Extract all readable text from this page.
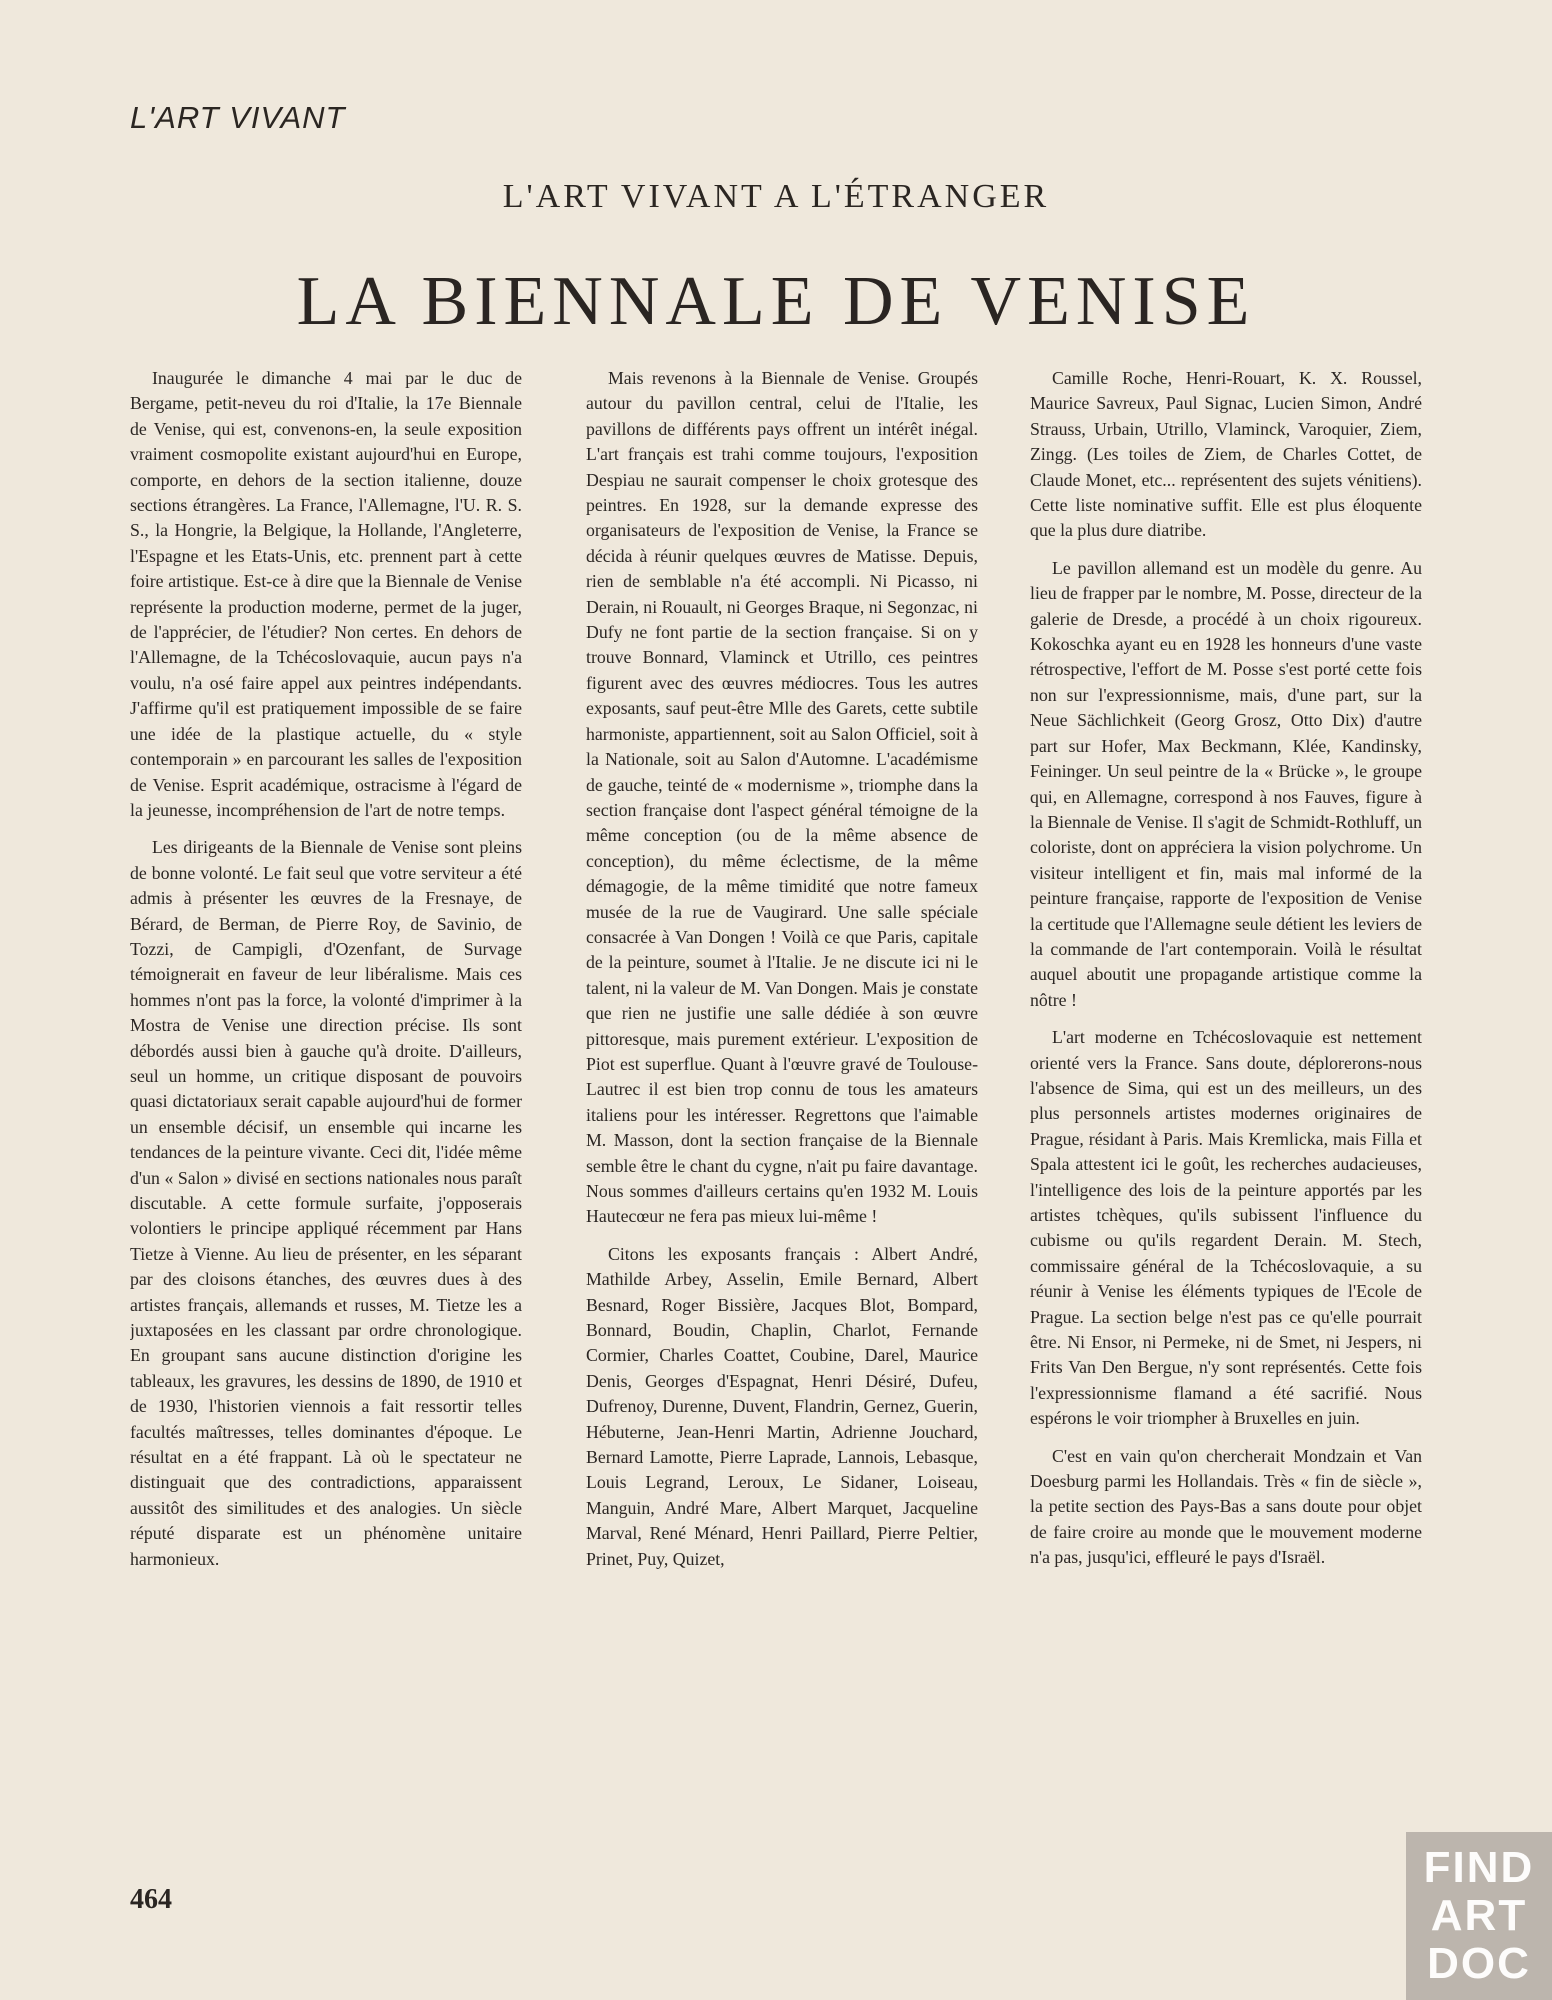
L'ART VIVANT
L'ART VIVANT A L'ÉTRANGER
LA BIENNALE DE VENISE

Inaugurée le dimanche 4 mai par le duc de Bergame, petit-neveu du roi d'Italie, la 17e Biennale de Venise, qui est, convenons-en, la seule exposition vraiment cosmopolite existant aujourd'hui en Europe, comporte, en dehors de la section italienne, douze sections étrangères. La France, l'Allemagne, l'U. R. S. S., la Hongrie, la Belgique, la Hollande, l'Angleterre, l'Espagne et les Etats-Unis, etc. prennent part à cette foire artistique. Est-ce à dire que la Biennale de Venise représente la production moderne, permet de la juger, de l'apprécier, de l'étudier? Non certes. En dehors de l'Allemagne, de la Tchécoslovaquie, aucun pays n'a voulu, n'a osé faire appel aux peintres indépendants. J'affirme qu'il est pratiquement impossible de se faire une idée de la plastique actuelle, du « style contemporain » en parcourant les salles de l'exposition de Venise. Esprit académique, ostracisme à l'égard de la jeunesse, incompréhension de l'art de notre temps.

Les dirigeants de la Biennale de Venise sont pleins de bonne volonté. Le fait seul que votre serviteur a été admis à présenter les œuvres de la Fresnaye, de Bérard, de Berman, de Pierre Roy, de Savinio, de Tozzi, de Campigli, d'Ozenfant, de Survage témoignerait en faveur de leur libéralisme. Mais ces hommes n'ont pas la force, la volonté d'imprimer à la Mostra de Venise une direction précise. Ils sont débordés aussi bien à gauche qu'à droite. D'ailleurs, seul un homme, un critique disposant de pouvoirs quasi dictatoriaux serait capable aujourd'hui de former un ensemble décisif, un ensemble qui incarne les tendances de la peinture vivante. Ceci dit, l'idée même d'un « Salon » divisé en sections nationales nous paraît discutable. A cette formule surfaite, j'opposerais volontiers le principe appliqué récemment par Hans Tietze à Vienne. Au lieu de présenter, en les séparant par des cloisons étanches, des œuvres dues à des artistes français, allemands et russes, M. Tietze les a juxtaposées en les classant par ordre chronologique. En groupant sans aucune distinction d'origine les tableaux, les gravures, les dessins de 1890, de 1910 et de 1930, l'historien viennois a fait ressortir telles facultés maîtresses, telles dominantes d'époque. Le résultat en a été frappant. Là où le spectateur ne distinguait que des contradictions, apparaissent aussitôt des similitudes et des analogies. Un siècle réputé disparate est un phénomène unitaire harmonieux.

Mais revenons à la Biennale de Venise. Groupés autour du pavillon central, celui de l'Italie, les pavillons de différents pays offrent un intérêt inégal. L'art français est trahi comme toujours, l'exposition Despiau ne saurait compenser le choix grotesque des peintres. En 1928, sur la demande expresse des organisateurs de l'exposition de Venise, la France se décida à réunir quelques œuvres de Matisse. Depuis, rien de semblable n'a été accompli. Ni Picasso, ni Derain, ni Rouault, ni Georges Braque, ni Segonzac, ni Dufy ne font partie de la section française. Si on y trouve Bonnard, Vlaminck et Utrillo, ces peintres figurent avec des œuvres médiocres. Tous les autres exposants, sauf peut-être Mlle des Garets, cette subtile harmoniste, appartiennent, soit au Salon Officiel, soit à la Nationale, soit au Salon d'Automne. L'académisme de gauche, teinté de « modernisme », triomphe dans la section française dont l'aspect général témoigne de la même conception (ou de la même absence de conception), du même éclectisme, de la même démagogie, de la même timidité que notre fameux musée de la rue de Vaugirard. Une salle spéciale consacrée à Van Dongen ! Voilà ce que Paris, capitale de la peinture, soumet à l'Italie. Je ne discute ici ni le talent, ni la valeur de M. Van Dongen. Mais je constate que rien ne justifie une salle dédiée à son œuvre pittoresque, mais purement extérieur. L'exposition de Piot est superflue. Quant à l'œuvre gravé de Toulouse-Lautrec il est bien trop connu de tous les amateurs italiens pour les intéresser. Regrettons que l'aimable M. Masson, dont la section française de la Biennale semble être le chant du cygne, n'ait pu faire davantage. Nous sommes d'ailleurs certains qu'en 1932 M. Louis Hautecœur ne fera pas mieux lui-même !

Citons les exposants français : Albert André, Mathilde Arbey, Asselin, Emile Bernard, Albert Besnard, Roger Bissière, Jacques Blot, Bompard, Bonnard, Boudin, Chaplin, Charlot, Fernande Cormier, Charles Coattet, Coubine, Darel, Maurice Denis, Georges d'Espagnat, Henri Désiré, Dufeu, Dufrenoy, Durenne, Duvent, Flandrin, Gernez, Guerin, Hébuterne, Jean-Henri Martin, Adrienne Jouchard, Bernard Lamotte, Pierre Laprade, Lannois, Lebasque, Louis Legrand, Leroux, Le Sidaner, Loiseau, Manguin, André Mare, Albert Marquet, Jacqueline Marval, René Ménard, Henri Paillard, Pierre Peltier, Prinet, Puy, Quizet,

Camille Roche, Henri-Rouart, K. X. Roussel, Maurice Savreux, Paul Signac, Lucien Simon, André Strauss, Urbain, Utrillo, Vlaminck, Varoquier, Ziem, Zingg. (Les toiles de Ziem, de Charles Cottet, de Claude Monet, etc... représentent des sujets vénitiens). Cette liste nominative suffit. Elle est plus éloquente que la plus dure diatribe.

Le pavillon allemand est un modèle du genre. Au lieu de frapper par le nombre, M. Posse, directeur de la galerie de Dresde, a procédé à un choix rigoureux. Kokoschka ayant eu en 1928 les honneurs d'une vaste rétrospective, l'effort de M. Posse s'est porté cette fois non sur l'expressionnisme, mais, d'une part, sur la Neue Sächlichkeit (Georg Grosz, Otto Dix) d'autre part sur Hofer, Max Beckmann, Klée, Kandinsky, Feininger. Un seul peintre de la « Brücke », le groupe qui, en Allemagne, correspond à nos Fauves, figure à la Biennale de Venise. Il s'agit de Schmidt-Rothluff, un coloriste, dont on appréciera la vision polychrome. Un visiteur intelligent et fin, mais mal informé de la peinture française, rapporte de l'exposition de Venise la certitude que l'Allemagne seule détient les leviers de la commande de l'art contemporain. Voilà le résultat auquel aboutit une propagande artistique comme la nôtre !

L'art moderne en Tchécoslovaquie est nettement orienté vers la France. Sans doute, déplorerons-nous l'absence de Sima, qui est un des meilleurs, un des plus personnels artistes modernes originaires de Prague, résidant à Paris. Mais Kremlicka, mais Filla et Spala attestent ici le goût, les recherches audacieuses, l'intelligence des lois de la peinture apportés par les artistes tchèques, qu'ils subissent l'influence du cubisme ou qu'ils regardent Derain. M. Stech, commissaire général de la Tchécoslovaquie, a su réunir à Venise les éléments typiques de l'Ecole de Prague. La section belge n'est pas ce qu'elle pourrait être. Ni Ensor, ni Permeke, ni de Smet, ni Jespers, ni Frits Van Den Bergue, n'y sont représentés. Cette fois l'expressionnisme flamand a été sacrifié. Nous espérons le voir triompher à Bruxelles en juin.

C'est en vain qu'on chercherait Mondzain et Van Doesburg parmi les Hollandais. Très « fin de siècle », la petite section des Pays-Bas a sans doute pour objet de faire croire au monde que le mouvement moderne n'a pas, jusqu'ici, effleuré le pays d'Israël.

464
FIND
ART
DOC
